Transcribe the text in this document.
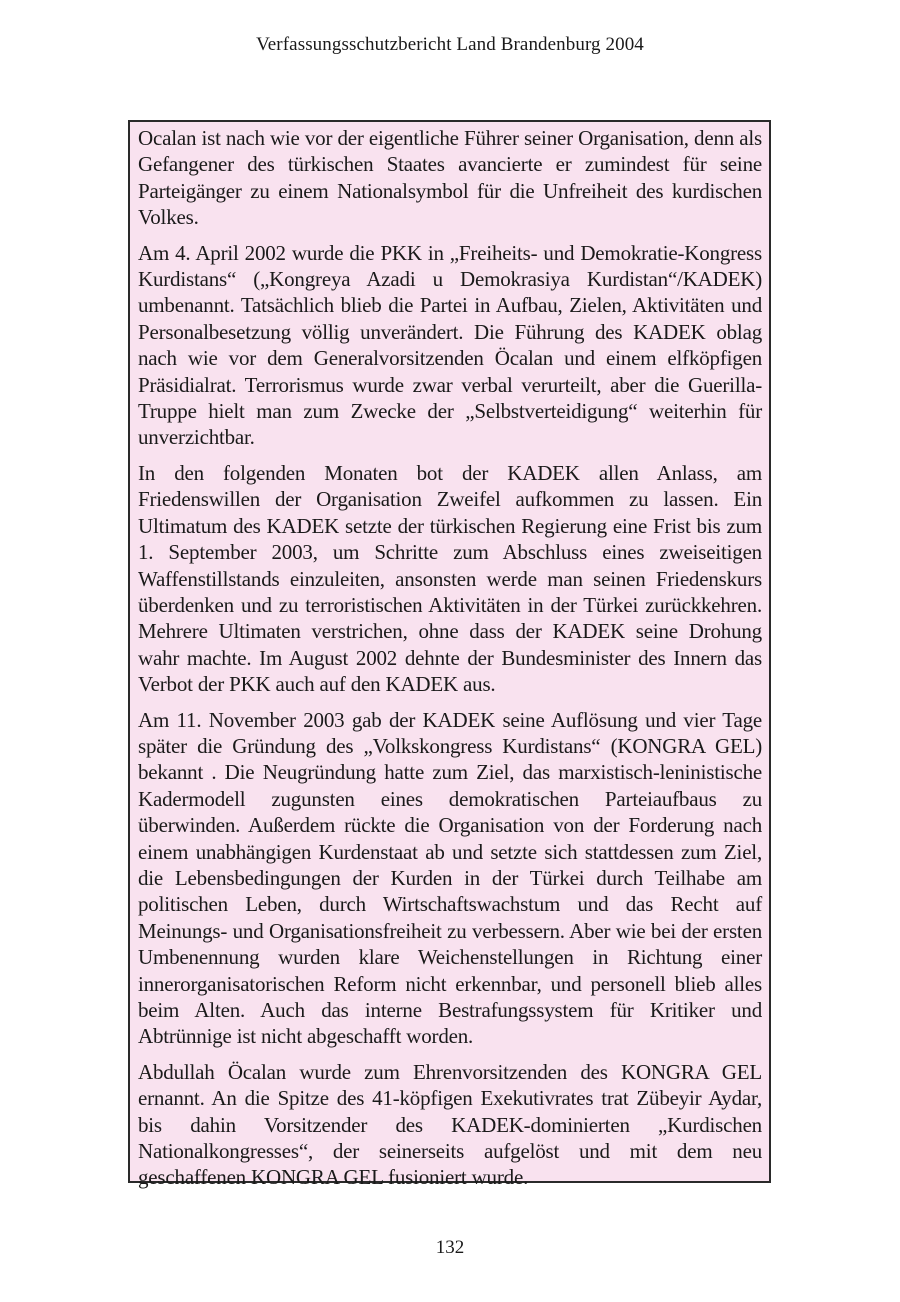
Verfassungsschutzbericht Land Brandenburg 2004

Ocalan ist nach wie vor der eigentliche Führer seiner Organisation, denn als Gefangener des türkischen Staates avancierte er zumindest für seine Parteigänger zu einem Nationalsymbol für die Unfreiheit des kurdischen Volkes.

Am 4. April 2002 wurde die PKK in „Freiheits- und Demokratie-Kongress Kurdistans“ („Kongreya Azadi u Demokrasiya Kurdistan“/KADEK) umbenannt. Tatsächlich blieb die Partei in Aufbau, Zielen, Aktivitäten und Personalbesetzung völlig unverändert. Die Führung des KADEK oblag nach wie vor dem Generalvorsitzenden Öcalan und einem elfköpfigen Präsidialrat. Terrorismus wurde zwar verbal verurteilt, aber die Guerilla-Truppe hielt man zum Zwecke der „Selbstverteidigung“ weiterhin für unverzichtbar.

In den folgenden Monaten bot der KADEK allen Anlass, am Friedenswillen der Organisation Zweifel aufkommen zu lassen. Ein Ultimatum des KADEK setzte der türkischen Regierung eine Frist bis zum 1. September 2003, um Schritte zum Abschluss eines zweiseitigen Waffenstillstands einzuleiten, ansonsten werde man seinen Friedenskurs überdenken und zu terroristischen Aktivitäten in der Türkei zurückkehren. Mehrere Ultimaten verstrichen, ohne dass der KADEK seine Drohung wahr machte. Im August 2002 dehnte der Bundesminister des Innern das Verbot der PKK auch auf den KADEK aus.

Am 11. November 2003 gab der KADEK seine Auflösung und vier Tage später die Gründung des „Volkskongress Kurdistans“ (KONGRA GEL) bekannt . Die Neugründung hatte zum Ziel, das marxistisch-leninistische Kadermodell zugunsten eines demokratischen Parteiaufbaus zu überwinden. Außerdem rückte die Organisation von der Forderung nach einem unabhängigen Kurdenstaat ab und setzte sich stattdessen zum Ziel, die Lebensbedingungen der Kurden in der Türkei durch Teilhabe am politischen Leben, durch Wirtschaftswachstum und das Recht auf Meinungs- und Organisationsfreiheit zu verbessern. Aber wie bei der ersten Umbenennung wurden klare Weichenstellungen in Richtung einer innerorganisatorischen Reform nicht erkennbar, und personell blieb alles beim Alten. Auch das interne Bestrafungssystem für Kritiker und Abtrünnige ist nicht abgeschafft worden.

Abdullah Öcalan wurde zum Ehrenvorsitzenden des KONGRA GEL ernannt. An die Spitze des 41-köpfigen Exekutivrates trat Zübeyir Aydar, bis dahin Vorsitzender des KADEK-dominierten „Kurdischen Nationalkongresses“, der seinerseits aufgelöst und mit dem neu geschaffenen KONGRA GEL fusioniert wurde.

132
